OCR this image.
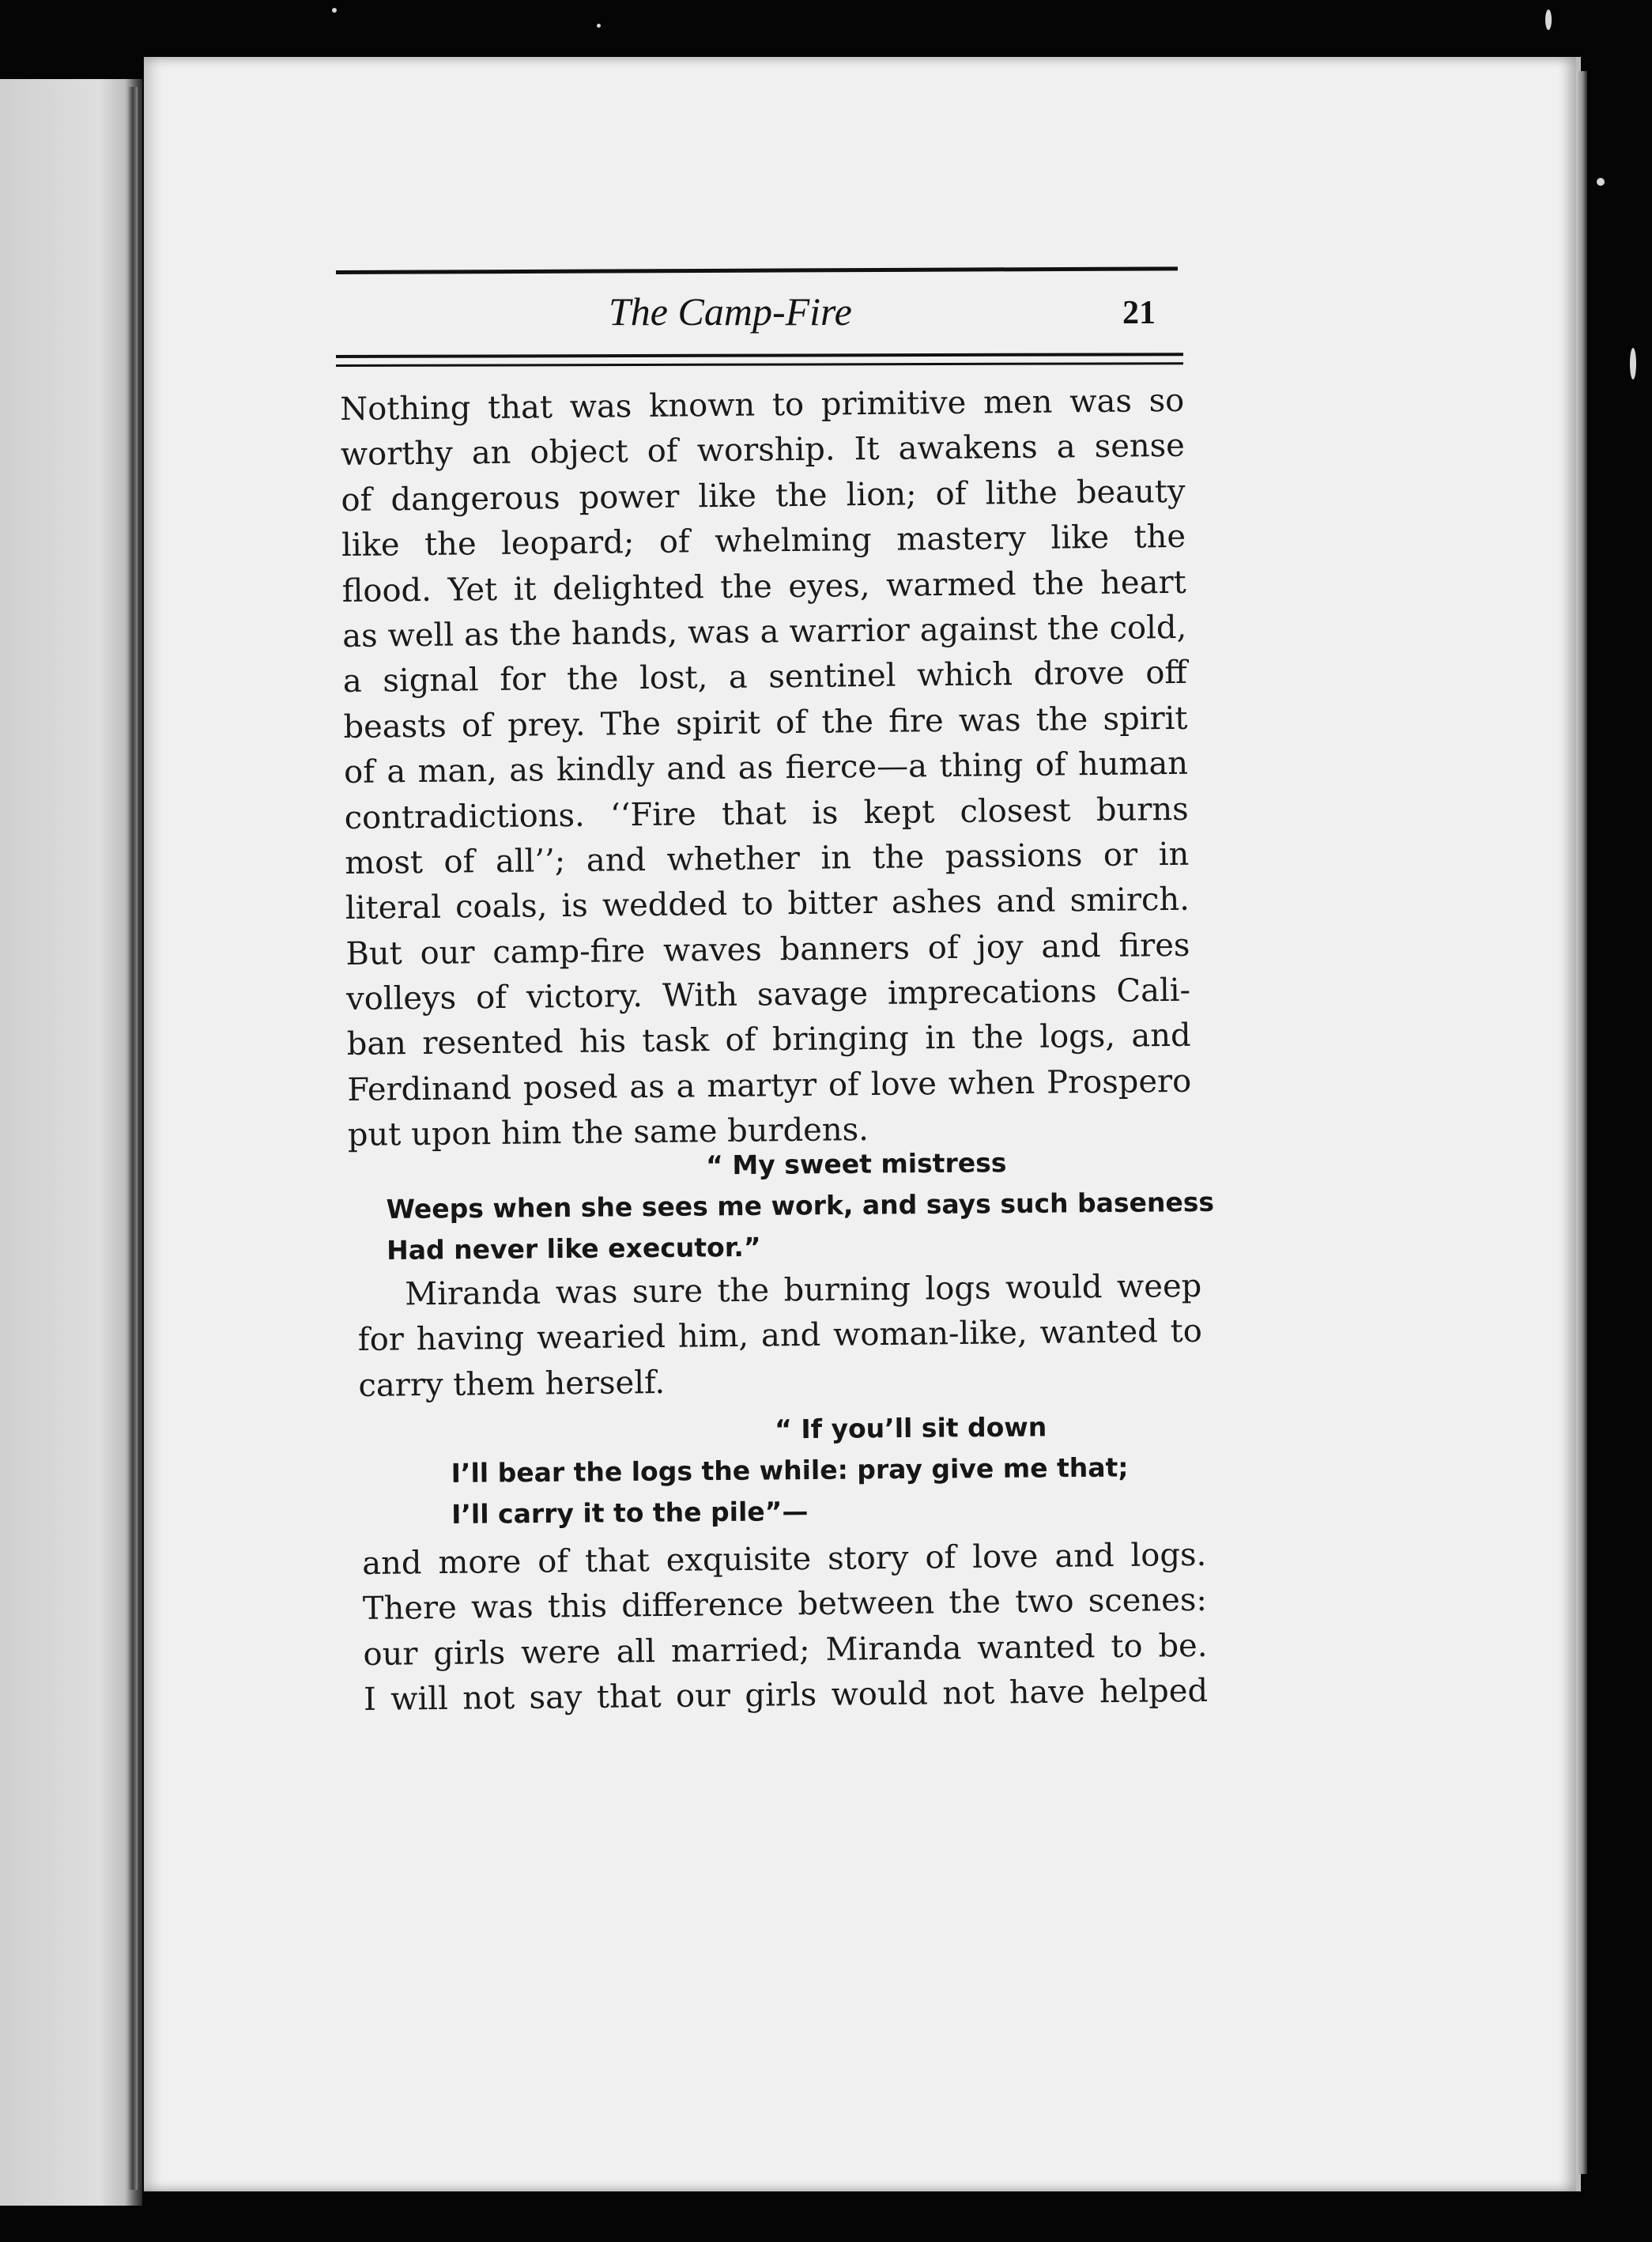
The Camp-Fire	21
Nothing that was known to primitive men was so
worthy an object of worship. It awakens a sense
of dangerous power like the lion; of lithe beauty
like the leopard; of whelming mastery like the
flood. Yet it delighted the eyes, warmed the heart
as well as the hands, was a warrior against the cold,
a signal for the lost, a sentinel which drove off
beasts of prey. The spirit of the fire was the spirit
of a man, as kindly and as fierce—a thing of human
contradictions. ‘‘Fire that is kept closest burns
most of all’’; and whether in the passions or in
literal coals, is wedded to bitter ashes and smirch.
But our camp-fire waves banners of joy and fires
volleys of victory. With savage imprecations Cali-
ban resented his task of bringing in the logs, and
Ferdinand posed as a martyr of love when Prospero
put upon him the same burdens.
“ My sweet mistress
Weeps when she sees me work, and says such baseness
Had never like executor.”
Miranda was sure the burning logs would weep
for having wearied him, and woman-like, wanted to
carry them herself.
“ If you’ll sit down
I’ll bear the logs the while: pray give me that;
I’ll carry it to the pile”—
and more of that exquisite story of love and logs.
There was this difference between the two scenes:
our girls were all married; Miranda wanted to be.
I will not say that our girls would not have helped
